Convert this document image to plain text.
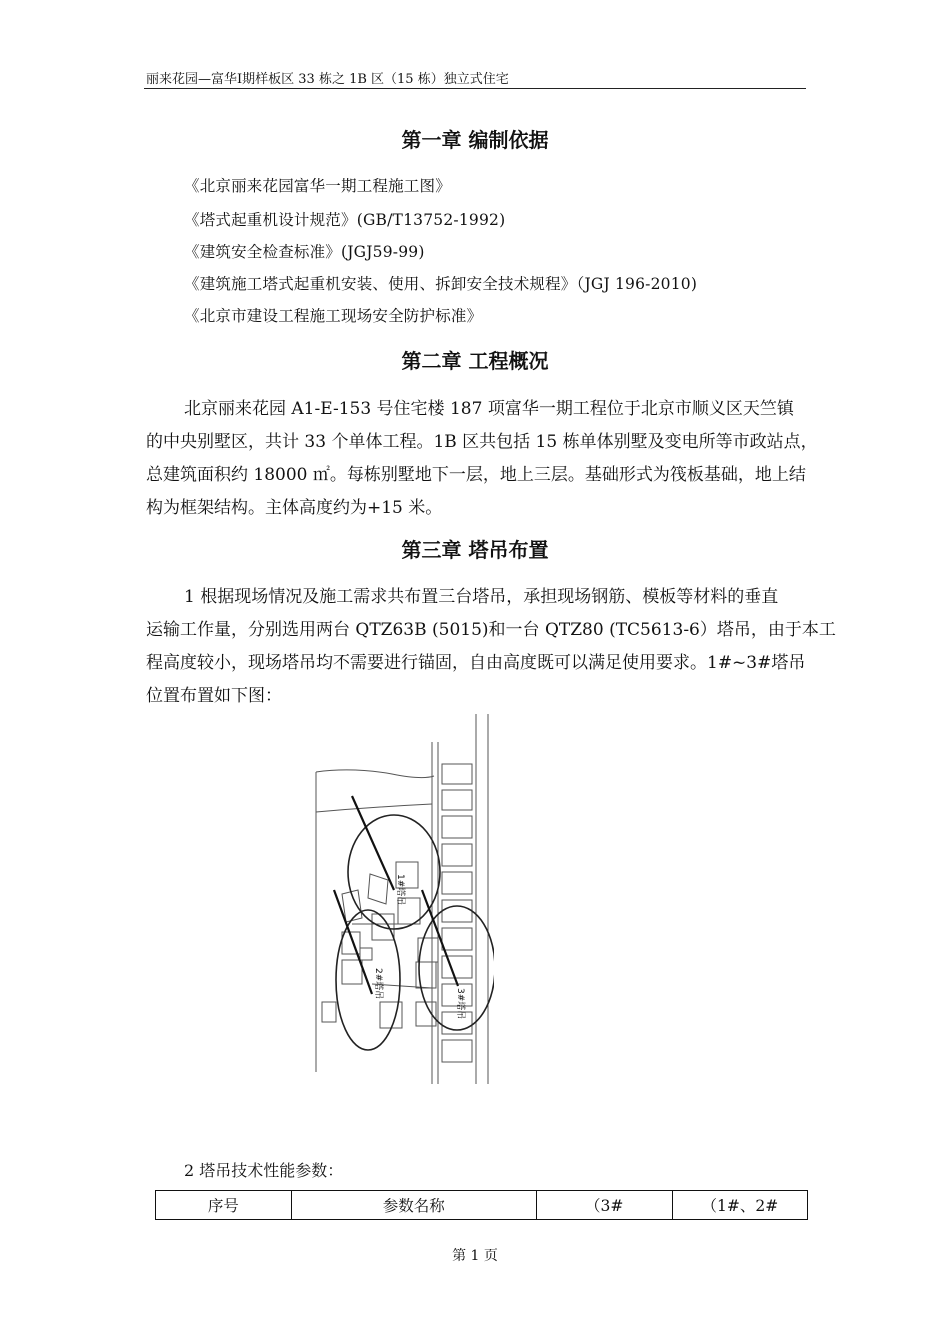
丽来花园—富华Ⅰ期样板区 33 栋之 1B 区（15 栋）独立式住宅
第一章 编制依据
《北京丽来花园富华一期工程施工图》
《塔式起重机设计规范》(GB/T13752-1992)
《建筑安全检查标准》(JGJ59-99)
《建筑施工塔式起重机安装、使用、拆卸安全技术规程》（JGJ 196-2010)
《北京市建设工程施工现场安全防护标准》
第二章 工程概况
北京丽来花园 A1-E-153 号住宅楼 187 项富华一期工程位于北京市顺义区天竺镇
的中央别墅区，共计 33 个单体工程。1B 区共包括 15 栋单体别墅及变电所等市政站点，
总建筑面积约 18000 ㎡。每栋别墅地下一层，地上三层。基础形式为筏板基础，地上结
构为框架结构。主体高度约为+15 米。
第三章 塔吊布置
1 根据现场情况及施工需求共布置三台塔吊，承担现场钢筋、模板等材料的垂直
运输工作量，分别选用两台 QTZ63B (5015)和一台 QTZ80 (TC5613-6）塔吊，由于本工
程高度较小，现场塔吊均不需要进行锚固，自由高度既可以满足使用要求。1#~3#塔吊
位置布置如下图：
1#塔吊
2#塔吊
3#塔吊
2 塔吊技术性能参数：
序号	参数名称	（3#	（1#、2#
第 1 页
